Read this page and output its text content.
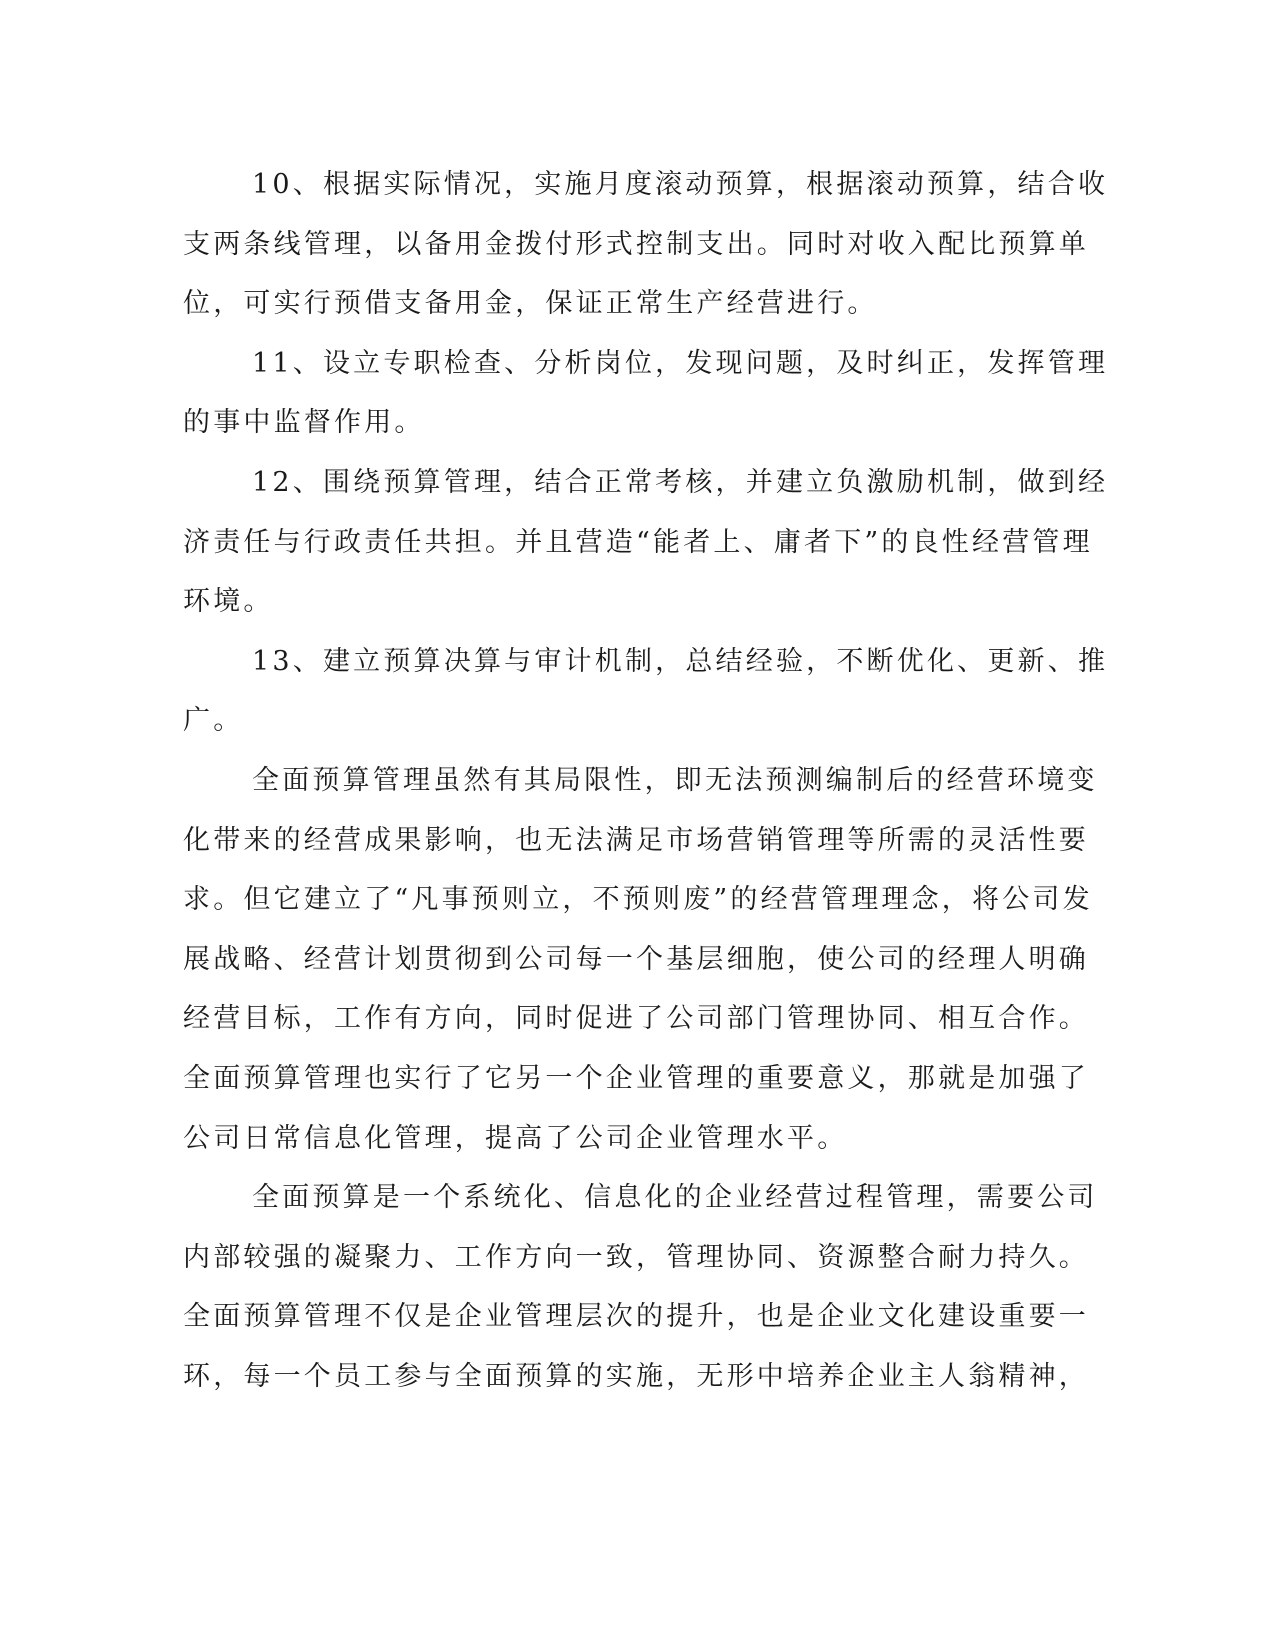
10、根据实际情况，实施月度滚动预算，根据滚动预算，结合收
支两条线管理，以备用金拨付形式控制支出。同时对收入配比预算单
位，可实行预借支备用金，保证正常生产经营进行。
11、设立专职检查、分析岗位，发现问题，及时纠正，发挥管理
的事中监督作用。
12、围绕预算管理，结合正常考核，并建立负激励机制，做到经
济责任与行政责任共担。并且营造“能者上、庸者下”的良性经营管理
环境。
13、建立预算决算与审计机制，总结经验，不断优化、更新、推
广。
全面预算管理虽然有其局限性，即无法预测编制后的经营环境变
化带来的经营成果影响，也无法满足市场营销管理等所需的灵活性要
求。但它建立了“凡事预则立，不预则废”的经营管理理念，将公司发
展战略、经营计划贯彻到公司每一个基层细胞，使公司的经理人明确
经营目标，工作有方向，同时促进了公司部门管理协同、相互合作。
全面预算管理也实行了它另一个企业管理的重要意义，那就是加强了
公司日常信息化管理，提高了公司企业管理水平。
全面预算是一个系统化、信息化的企业经营过程管理，需要公司
内部较强的凝聚力、工作方向一致，管理协同、资源整合耐力持久。
全面预算管理不仅是企业管理层次的提升，也是企业文化建设重要一
环，每一个员工参与全面预算的实施，无形中培养企业主人翁精神，
